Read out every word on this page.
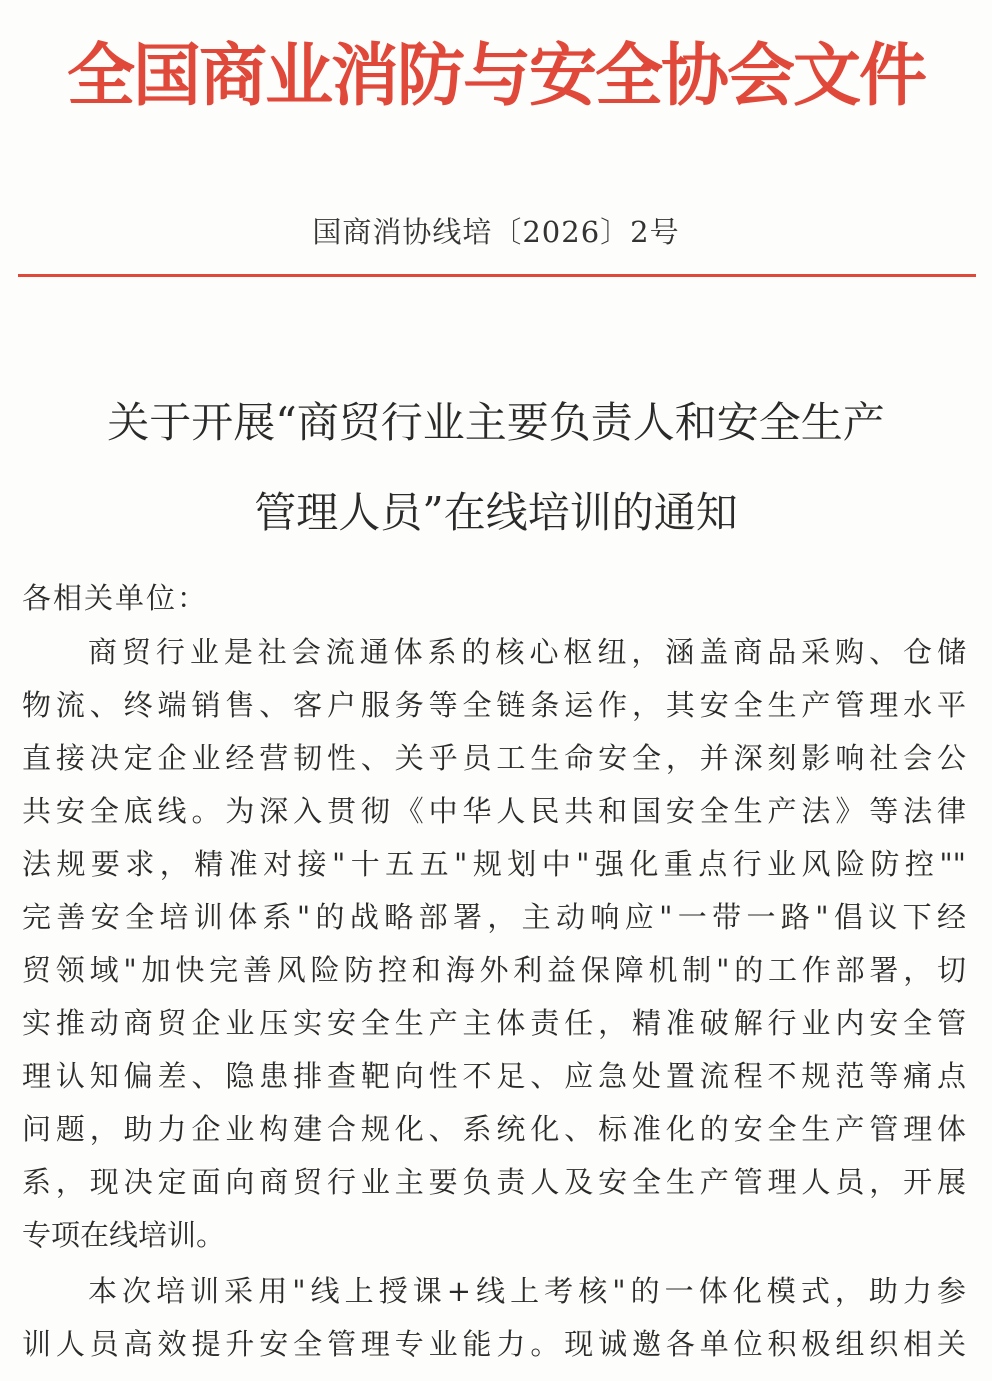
全国商业消防与安全协会文件
国商消协线培〔2026〕2号
关于开展“商贸行业主要负责人和安全生产
管理人员”在线培训的通知
各相关单位：
商贸行业是社会流通体系的核心枢纽，涵盖商品采购、仓储
物流、终端销售、客户服务等全链条运作，其安全生产管理水平
直接决定企业经营韧性、关乎员工生命安全，并深刻影响社会公
共安全底线。为深入贯彻《中华人民共和国安全生产法》等法律
法规要求，精准对接"十五五"规划中"强化重点行业风险防控""
完善安全培训体系"的战略部署，主动响应"一带一路"倡议下经
贸领域"加快完善风险防控和海外利益保障机制"的工作部署，切
实推动商贸企业压实安全生产主体责任，精准破解行业内安全管
理认知偏差、隐患排查靶向性不足、应急处置流程不规范等痛点
问题，助力企业构建合规化、系统化、标准化的安全生产管理体
系，现决定面向商贸行业主要负责人及安全生产管理人员，开展
专项在线培训。
本次培训采用"线上授课+线上考核"的一体化模式，助力参
训人员高效提升安全管理专业能力。现诚邀各单位积极组织相关
